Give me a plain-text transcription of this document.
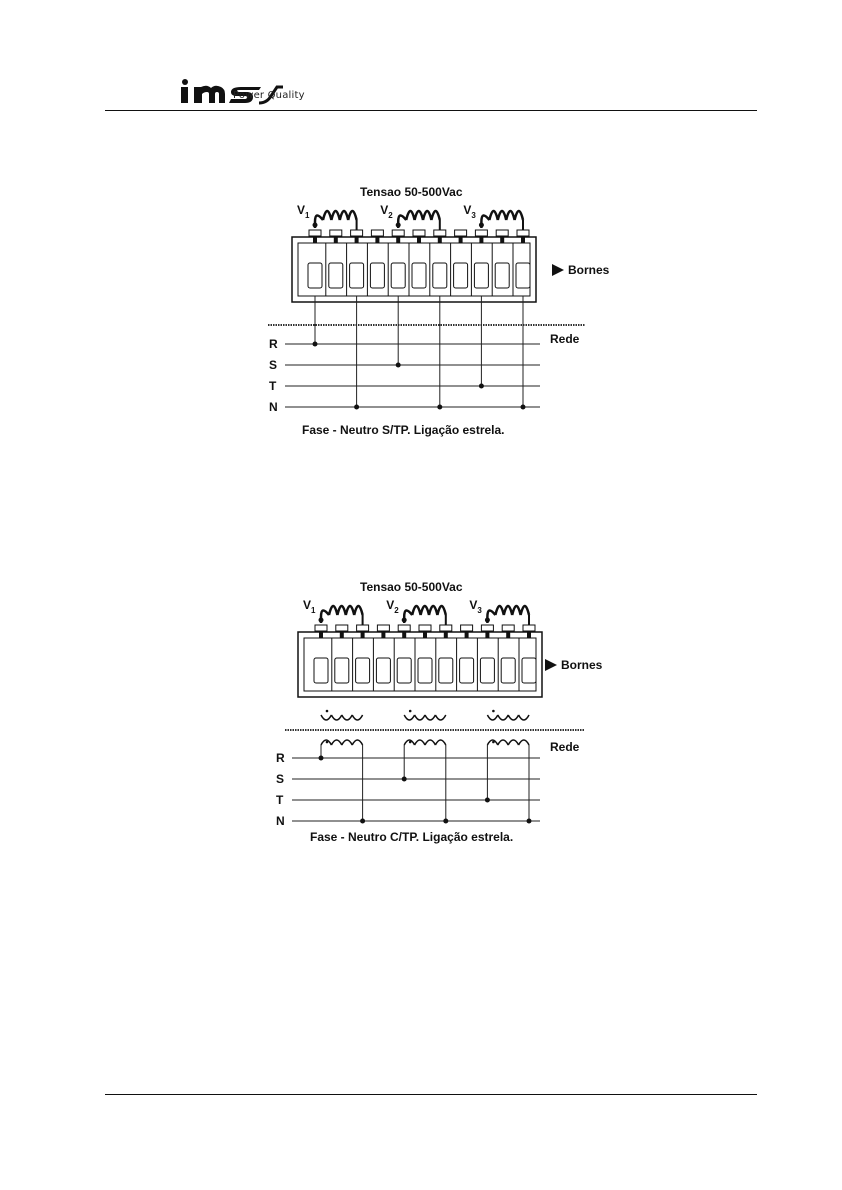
Power Quality
Tensao 50-500Vac
$V_1$	$V_2$	$V_3$
Bornes
Rede
R
S
T
N
Fase - Neutro S/TP. Ligação estrela.
Tensao 50-500Vac
$V_1$	$V_2$	$V_3$
Bornes
Rede
R
S
T
N
Fase - Neutro C/TP. Ligação estrela.
